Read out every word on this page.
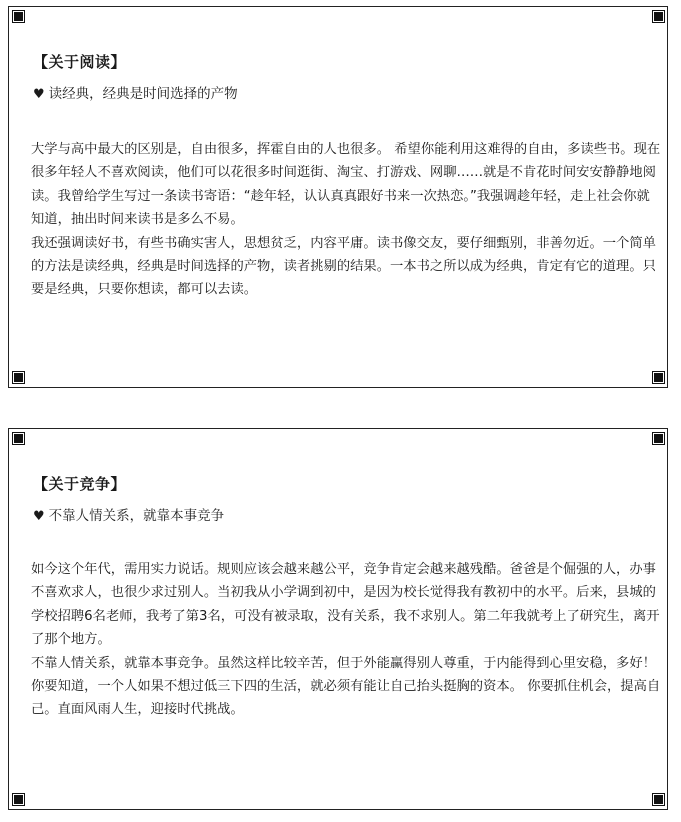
【关于阅读】
♥ 读经典，经典是时间选择的产物

大学与高中最大的区别是，自由很多，挥霍自由的人也很多。 希望你能利用这难得的自由，多读些书。现在很多年轻人不喜欢阅读，他们可以花很多时间逛街、淘宝、打游戏、网聊……就是不肯花时间安安静静地阅读。我曾给学生写过一条读书寄语：“趁年轻，认认真真跟好书来一次热恋。”我强调趁年轻，走上社会你就知道，抽出时间来读书是多么不易。

我还强调读好书，有些书确实害人，思想贫乏，内容平庸。读书像交友，要仔细甄别，非善勿近。一个简单的方法是读经典，经典是时间选择的产物，读者挑剔的结果。一本书之所以成为经典，肯定有它的道理。只要是经典，只要你想读，都可以去读。

【关于竞争】
♥ 不靠人情关系，就靠本事竞争

如今这个年代，需用实力说话。规则应该会越来越公平，竞争肯定会越来越残酷。爸爸是个倔强的人，办事不喜欢求人，也很少求过别人。当初我从小学调到初中，是因为校长觉得我有教初中的水平。后来，县城的学校招聘6名老师，我考了第3名，可没有被录取，没有关系，我不求别人。第二年我就考上了研究生，离开了那个地方。

不靠人情关系，就靠本事竞争。虽然这样比较辛苦，但于外能赢得别人尊重，于内能得到心里安稳，多好！ 你要知道，一个人如果不想过低三下四的生活，就必须有能让自己抬头挺胸的资本。 你要抓住机会，提高自己。直面风雨人生，迎接时代挑战。
